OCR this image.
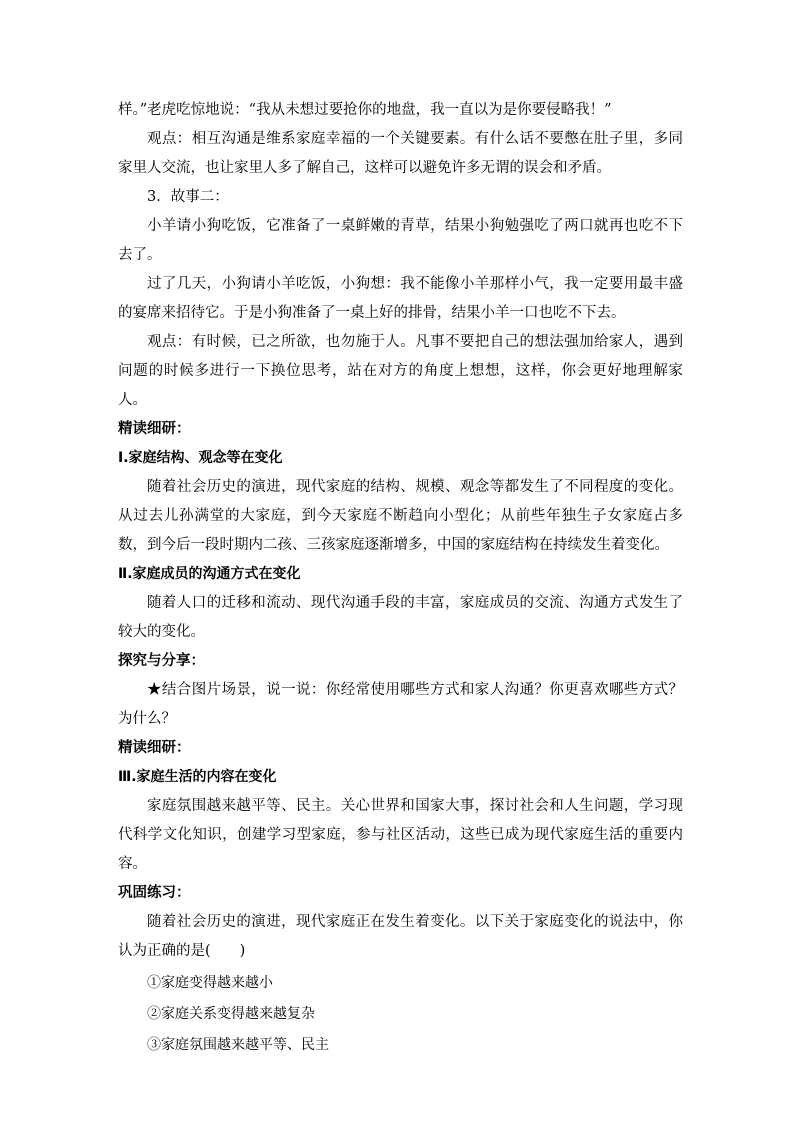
样。”老虎吃惊地说：“我从未想过要抢你的地盘，我一直以为是你要侵略我！”

观点：相互沟通是维系家庭幸福的一个关键要素。有什么话不要憋在肚子里，多同家里人交流，也让家里人多了解自己，这样可以避免许多无谓的误会和矛盾。

3．故事二：

小羊请小狗吃饭，它准备了一桌鲜嫩的青草，结果小狗勉强吃了两口就再也吃不下去了。

过了几天，小狗请小羊吃饭，小狗想：我不能像小羊那样小气，我一定要用最丰盛的宴席来招待它。于是小狗准备了一桌上好的排骨，结果小羊一口也吃不下去。

观点：有时候，已之所欲，也勿施于人。凡事不要把自己的想法强加给家人，遇到问题的时候多进行一下换位思考，站在对方的角度上想想，这样，你会更好地理解家人。

精读细研：

Ⅰ.家庭结构、观念等在变化

随着社会历史的演进，现代家庭的结构、规模、观念等都发生了不同程度的变化。从过去儿孙满堂的大家庭，到今天家庭不断趋向小型化；从前些年独生子女家庭占多数，到今后一段时期内二孩、三孩家庭逐渐增多，中国的家庭结构在持续发生着变化。

Ⅱ.家庭成员的沟通方式在变化

随着人口的迁移和流动、现代沟通手段的丰富，家庭成员的交流、沟通方式发生了较大的变化。

探究与分享：

★结合图片场景，说一说：你经常使用哪些方式和家人沟通？你更喜欢哪些方式？为什么？

精读细研：

Ⅲ.家庭生活的内容在变化

家庭氛围越来越平等、民主。关心世界和国家大事，探讨社会和人生问题，学习现代科学文化知识，创建学习型家庭，参与社区活动，这些已成为现代家庭生活的重要内容。

巩固练习：

随着社会历史的演进，现代家庭正在发生着变化。以下关于家庭变化的说法中，你认为正确的是(　　)

①家庭变得越来越小

②家庭关系变得越来越复杂

③家庭氛围越来越平等、民主
